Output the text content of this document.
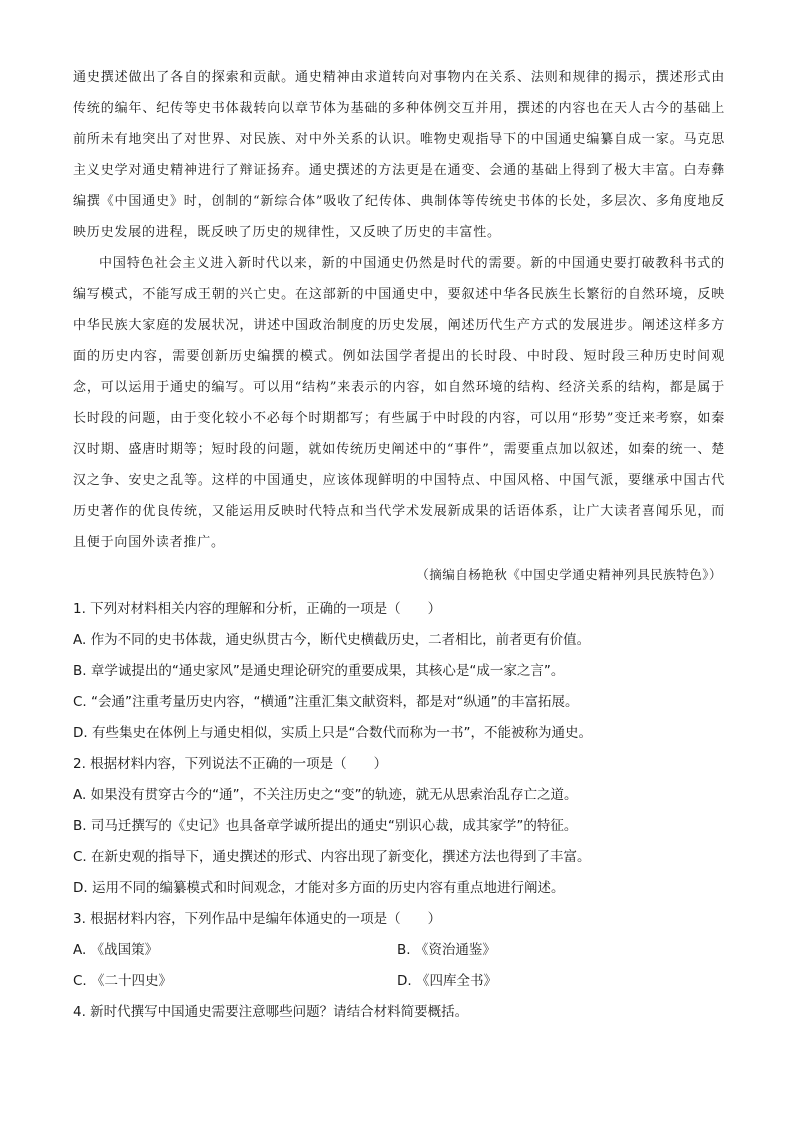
通史撰述做出了各自的探索和贡献。通史精神由求道转向对事物内在关系、法则和规律的揭示，撰述形式由传统的编年、纪传等史书体裁转向以章节体为基础的多种体例交互并用，撰述的内容也在天人古今的基础上前所未有地突出了对世界、对民族、对中外关系的认识。唯物史观指导下的中国通史编纂自成一家。马克思主义史学对通史精神进行了辩证扬弃。通史撰述的方法更是在通变、会通的基础上得到了极大丰富。白寿彝编撰《中国通史》时，创制的“新综合体”吸收了纪传体、典制体等传统史书体的长处，多层次、多角度地反映历史发展的进程，既反映了历史的规律性，又反映了历史的丰富性。

中国特色社会主义进入新时代以来，新的中国通史仍然是时代的需要。新的中国通史要打破教科书式的编写模式，不能写成王朝的兴亡史。在这部新的中国通史中，要叙述中华各民族生长繁衍的自然环境，反映中华民族大家庭的发展状况，讲述中国政治制度的历史发展，阐述历代生产方式的发展进步。阐述这样多方面的历史内容，需要创新历史编撰的模式。例如法国学者提出的长时段、中时段、短时段三种历史时间观念，可以运用于通史的编写。可以用“结构”来表示的内容，如自然环境的结构、经济关系的结构，都是属于长时段的问题，由于变化较小不必每个时期都写；有些属于中时段的内容，可以用“形势”变迁来考察，如秦汉时期、盛唐时期等；短时段的问题，就如传统历史阐述中的“事件”，需要重点加以叙述，如秦的统一、楚汉之争、安史之乱等。这样的中国通史，应该体现鲜明的中国特点、中国风格、中国气派，要继承中国古代历史著作的优良传统，又能运用反映时代特点和当代学术发展新成果的话语体系，让广大读者喜闻乐见，而且便于向国外读者推广。

（摘编自杨艳秋《中国史学通史精神列具民族特色》）
1. 下列对材料相关内容的理解和分析，正确的一项是（　　）
A. 作为不同的史书体裁，通史纵贯古今，断代史横截历史，二者相比，前者更有价值。
B. 章学诚提出的“通史家风”是通史理论研究的重要成果，其核心是“成一家之言”。
C. “会通”注重考量历史内容，“横通”注重汇集文献资料，都是对“纵通”的丰富拓展。
D. 有些集史在体例上与通史相似，实质上只是“合数代而称为一书”，不能被称为通史。
2. 根据材料内容，下列说法不正确的一项是（　　）
A. 如果没有贯穿古今的“通”，不关注历史之“变”的轨迹，就无从思索治乱存亡之道。
B. 司马迁撰写的《史记》也具备章学诚所提出的通史“别识心裁，成其家学”的特征。
C. 在新史观的指导下，通史撰述的形式、内容出现了新变化，撰述方法也得到了丰富。
D. 运用不同的编纂模式和时间观念，才能对多方面的历史内容有重点地进行阐述。
3. 根据材料内容，下列作品中是编年体通史的一项是（　　）
A. 《战国策》	B. 《资治通鉴》
C. 《二十四史》	D. 《四库全书》
4. 新时代撰写中国通史需要注意哪些问题？请结合材料简要概括。
